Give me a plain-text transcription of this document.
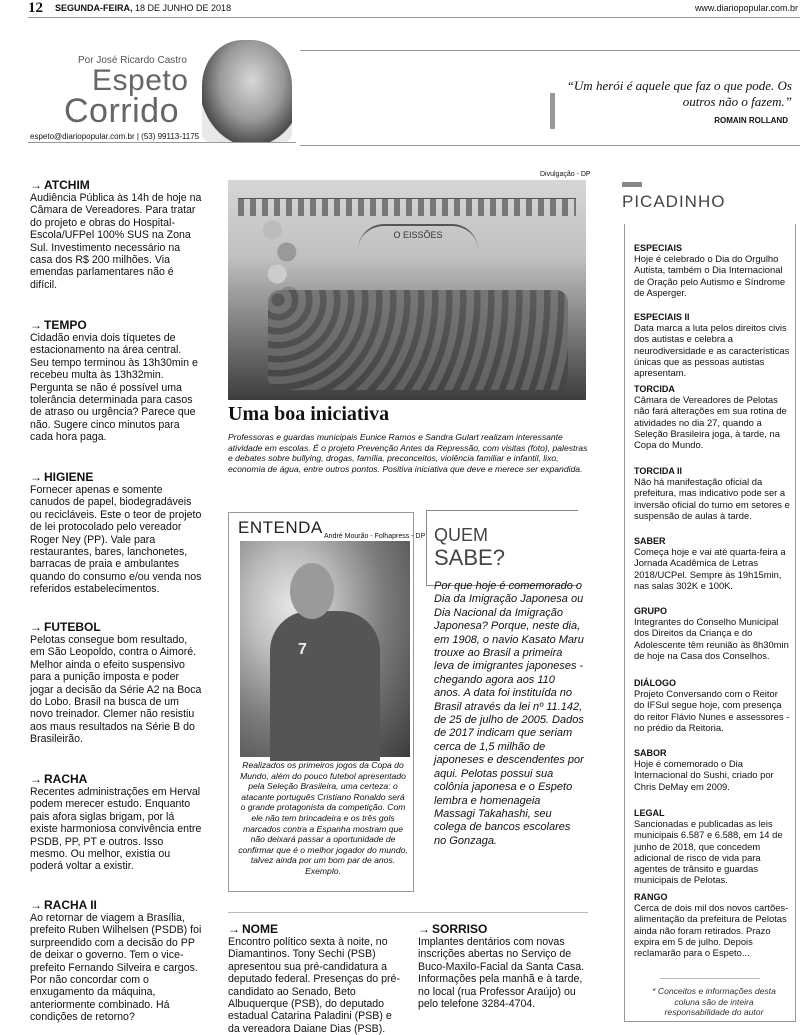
12 SEGUNDA-FEIRA, 18 DE JUNHO DE 2018	www.diariopopular.com.br
Por José Ricardo Castro
Espeto
Corrido
espeto@diariopopular.com.br | (53) 99113-1175
“Um herói é aquele que faz o que pode. Os outros não o fazem.”
ROMAIN ROLLAND
→ ATCHIM
Audiência Pública às 14h de hoje na Câmara de Vereadores. Para tratar do projeto e obras do Hospital-Escola/UFPel 100% SUS na Zona Sul. Investimento necessário na casa dos R$ 200 milhões. Via emendas parlamentares não é difícil.
→ TEMPO
Cidadão envia dois tíquetes de estacionamento na área central. Seu tempo terminou às 13h30min e recebeu multa às 13h32min. Pergunta se não é possível uma tolerância determinada para casos de atraso ou urgência? Parece que não. Sugere cinco minutos para cada hora paga.
→ HIGIENE
Fornecer apenas e somente canudos de papel, biodegradáveis ou recicláveis. Este o teor de projeto de lei protocolado pelo vereador Roger Ney (PP). Vale para restaurantes, bares, lanchonetes, barracas de praia e ambulantes quando do consumo e/ou venda nos referidos estabelecimentos.
→ FUTEBOL
Pelotas consegue bom resultado, em São Leopoldo, contra o Aimoré. Melhor ainda o efeito suspensivo para a punição imposta e poder jogar a decisão da Série A2 na Boca do Lobo. Brasil na busca de um novo treinador. Clemer não resistiu aos maus resultados na Série B do Brasileirão.
→ RACHA
Recentes administrações em Herval podem merecer estudo. Enquanto pais afora siglas brigam, por lá existe harmoniosa convivência entre PSDB, PP, PT e outros. Isso mesmo. Ou melhor, existia ou poderá voltar a existir.
→ RACHA II
Ao retornar de viagem a Brasília, prefeito Ruben Wilhelsen (PSDB) foi surpreendido com a decisão do PP de deixar o governo. Tem o vice-prefeito Fernando Silveira e cargos. Por não concordar com o enxugamento da máquina, anteriormente combinado. Há condições de retorno?
Divulgação - DP
O EISSÕES
Uma boa iniciativa
Professoras e guardas municipais Eunice Ramos e Sandra Gulart realizam interessante atividade em escolas. É o projeto Prevenção Antes da Repressão, com visitas (foto), palestras e debates sobre bullying, drogas, família, preconceitos, violência familiar e infantil, lixo, economia de água, entre outros pontos. Positiva iniciativa que deve e merece ser expandida.
ENTENDA André Mourão - Folhapress - DP
7
Realizados os primeiros jogos da Copa do Mundo, além do pouco futebol apresentado pela Seleção Brasileira, uma certeza: o atacante português Cristiano Ronaldo será o grande protagonista da competição. Com ele não tem brincadeira e os três gols marcados contra a Espanha mostram que não deixará passar a oportunidade de confirmar que é o melhor jogador do mundo, talvez ainda por um bom par de anos. Exemplo.
QUEM
SABE?
Por que hoje é comemorado o Dia da Imigração Japonesa ou Dia Nacional da Imigração Japonesa? Porque, neste dia, em 1908, o navio Kasato Maru trouxe ao Brasil a primeira leva de imigrantes japoneses - chegando agora aos 110 anos. A data foi instituída no Brasil através da lei nº 11.142, de 25 de julho de 2005. Dados de 2017 indicam que seriam cerca de 1,5 milhão de japoneses e descendentes por aqui. Pelotas possui sua colônia japonesa e o Espeto lembra e homenageia Massagi Takahashi, seu colega de bancos escolares no Gonzaga.
→ NOME
Encontro político sexta à noite, no Diamantinos. Tony Sechi (PSB) apresentou sua pré-candidatura a deputado federal. Presenças do pré-candidato ao Senado, Beto Albuquerque (PSB), do deputado estadual Catarina Paladini (PSB) e da vereadora Daiane Dias (PSB).
→ SORRISO
Implantes dentários com novas inscrições abertas no Serviço de Buco-Maxilo-Facial da Santa Casa. Informações pela manhã e à tarde, no local (rua Professor Araújo) ou pelo telefone 3284-4704.
PICADINHO
ESPECIAIS
Hoje é celebrado o Dia do Orgulho Autista, também o Dia Internacional de Oração pelo Autismo e Síndrome de Asperger.
ESPECIAIS II
Data marca a luta pelos direitos civis dos autistas e celebra a neurodiversidade e as características únicas que as pessoas autistas apresentam.
TORCIDA
Câmara de Vereadores de Pelotas não fará alterações em sua rotina de atividades no dia 27, quando a Seleção Brasileira joga, à tarde, na Copa do Mundo.
TORCIDA II
Não há manifestação oficial da prefeitura, mas indicativo pode ser a inversão oficial do turno em setores e suspensão de aulas à tarde.
SABER
Começa hoje e vai até quarta-feira a Jornada Acadêmica de Letras 2018/UCPel. Sempre às 19h15min, nas salas 302K e 100K.
GRUPO
Integrantes do Conselho Municipal dos Direitos da Criança e do Adolescente têm reunião às 8h30min de hoje na Casa dos Conselhos.
DIÁLOGO
Projeto Conversando com o Reitor do IFSul segue hoje, com presença do reitor Flávio Nunes e assessores - no prédio da Reitoria.
SABOR
Hoje é comemorado o Dia Internacional do Sushi, criado por Chris DeMay em 2009.
LEGAL
Sancionadas e publicadas as leis municipais 6.587 e 6.588, em 14 de junho de 2018, que concedem adicional de risco de vida para agentes de trânsito e guardas municipais de Pelotas.
RANGO
Cerca de dois mil dos novos cartões-alimentação da prefeitura de Pelotas ainda não foram retirados. Prazo expira em 5 de julho. Depois reclamarão para o Espeto...
* Conceitos e informações desta coluna são de inteira responsabilidade do autor
